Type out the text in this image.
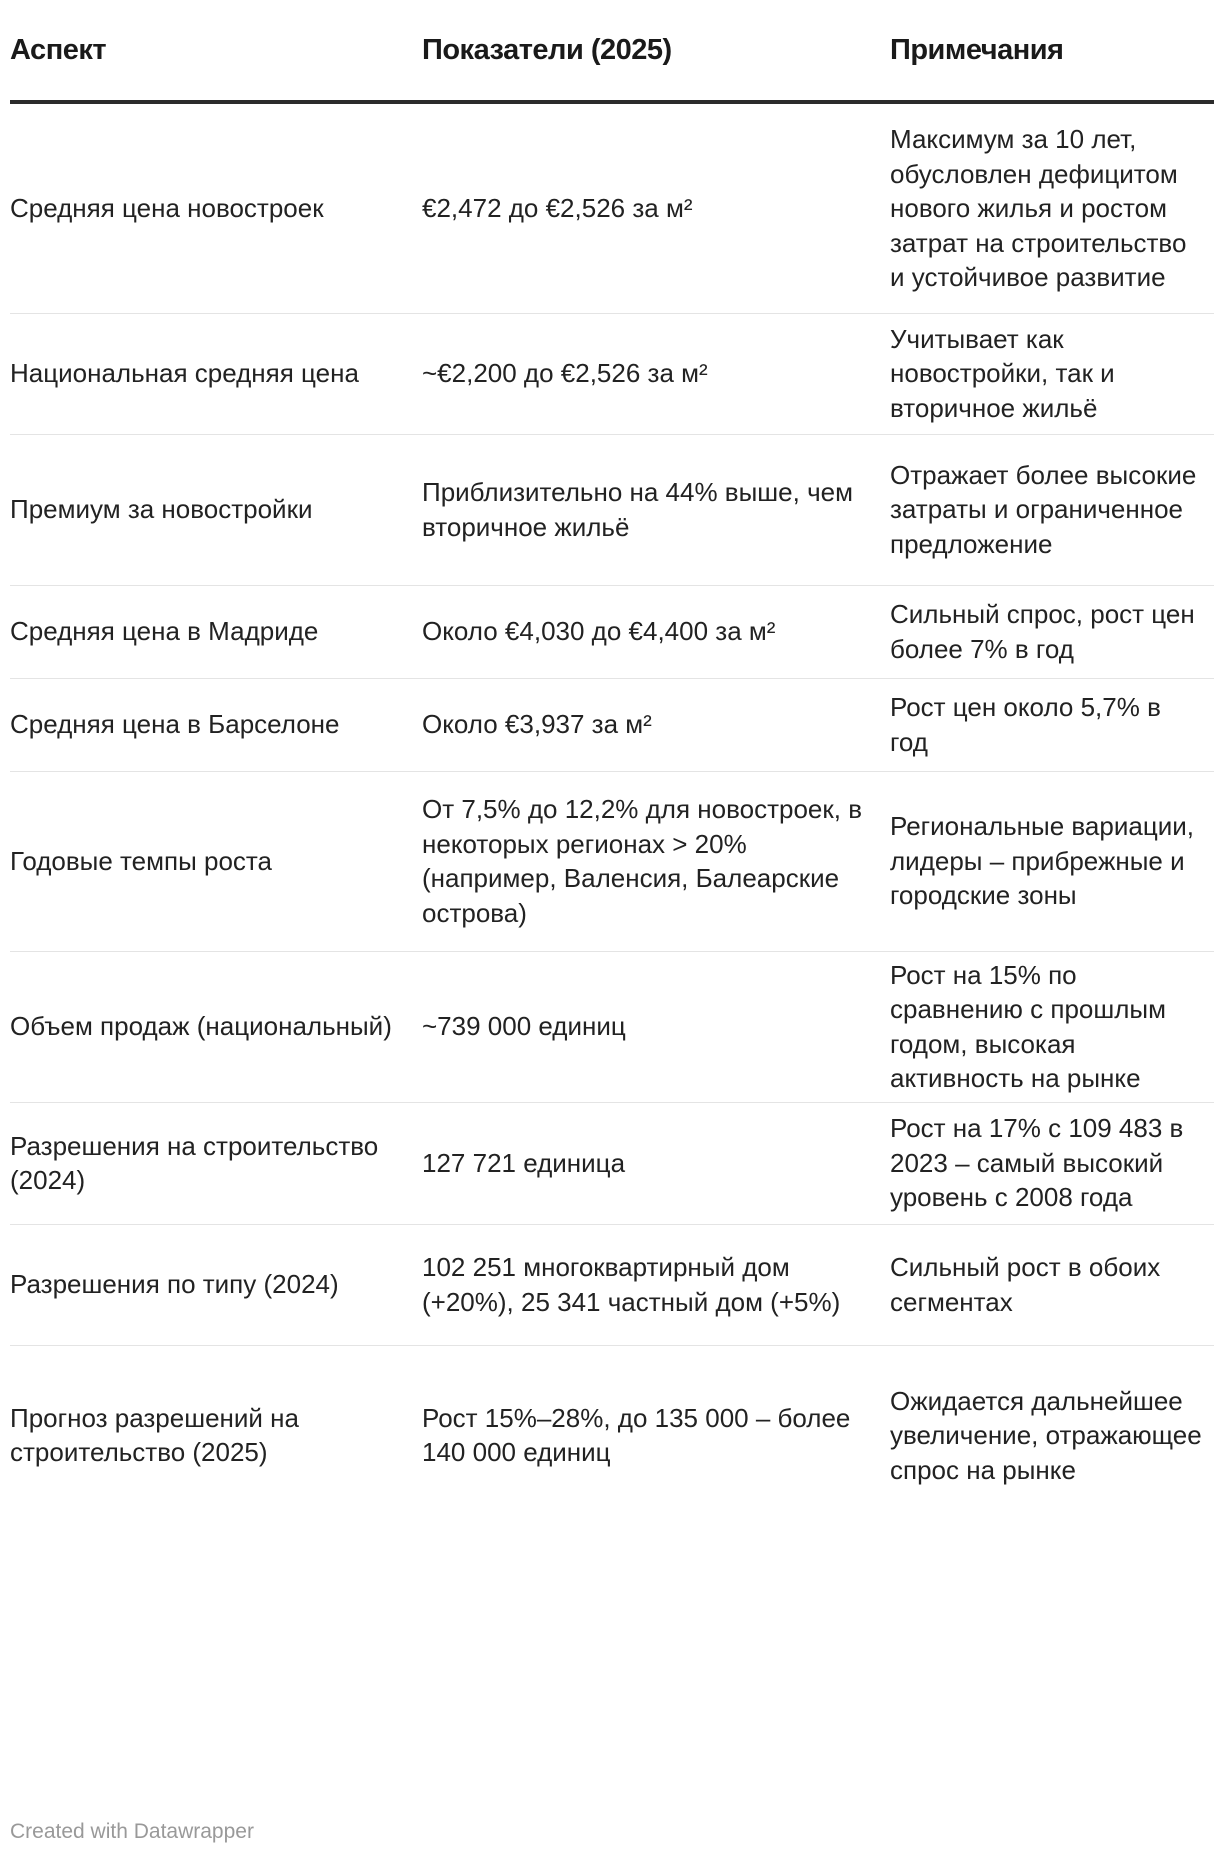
Аспект	Показатели (2025)	Примечания

Средняя цена новостроек	€2,472 до €2,526 за м²	Максимум за 10 лет, обусловлен дефицитом нового жилья и ростом затрат на строительство и устойчивое развитие

Национальная средняя цена	~€2,200 до €2,526 за м²	Учитывает как новостройки, так и вторичное жильё

Премиум за новостройки	Приблизительно на 44% выше, чем вторичное жильё	Отражает более высокие затраты и ограниченное предложение

Средняя цена в Мадриде	Около €4,030 до €4,400 за м²	Сильный спрос, рост цен более 7% в год

Средняя цена в Барселоне	Около €3,937 за м²	Рост цен около 5,7% в год

Годовые темпы роста	От 7,5% до 12,2% для новостроек, в некоторых регионах > 20% (например, Валенсия, Балеарские острова)	Региональные вариации, лидеры – прибрежные и городские зоны

Объем продаж (национальный)	~739 000 единиц	Рост на 15% по сравнению с прошлым годом, высокая активность на рынке

Разрешения на строительство (2024)	127 721 единица	Рост на 17% с 109 483 в 2023 – самый высокий уровень с 2008 года

Разрешения по типу (2024)	102 251 многоквартирный дом (+20%), 25 341 частный дом (+5%)	Сильный рост в обоих сегментах

Прогноз разрешений на строительство (2025)	Рост 15%–28%, до 135 000 – более 140 000 единиц	Ожидается дальнейшее увеличение, отражающее спрос на рынке
Created with Datawrapper
